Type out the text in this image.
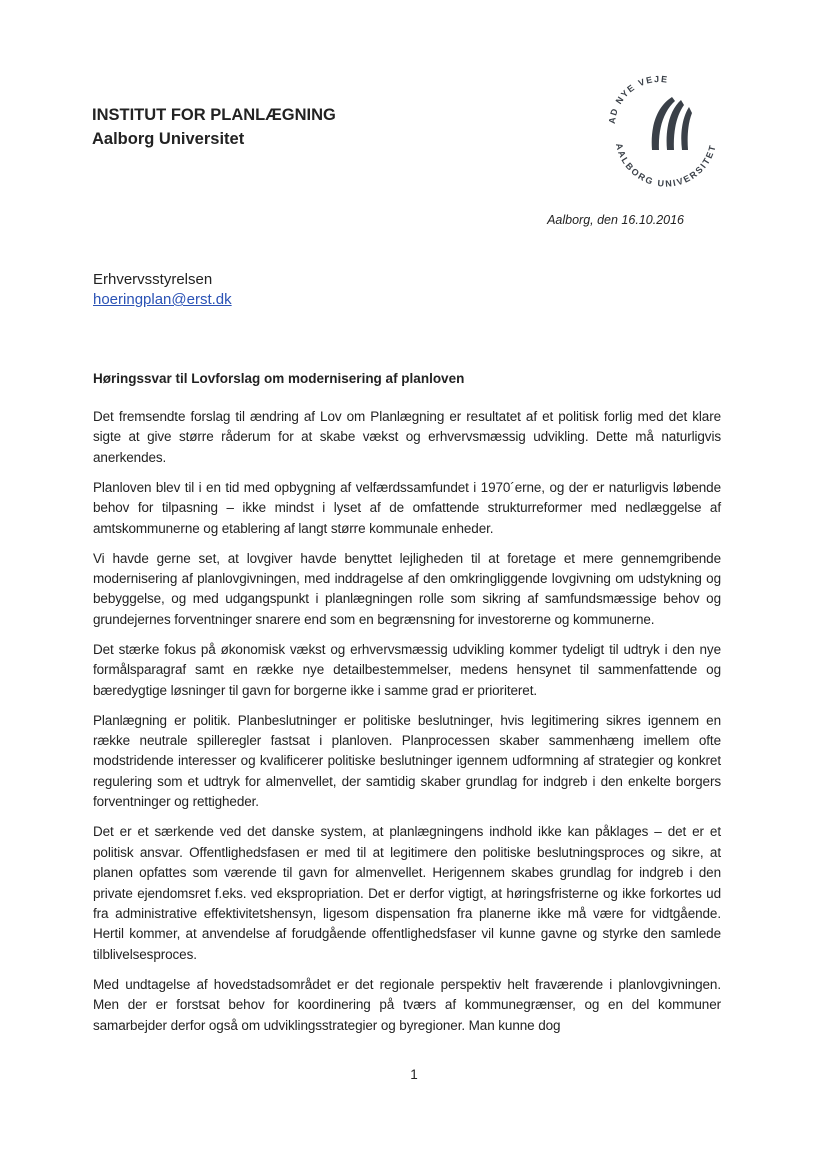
INSTITUT FOR PLANLÆGNING
Aalborg Universitet
AD NYE VEJE
AALBORG UNIVERSITET
Aalborg, den 16.10.2016
Erhvervsstyrelsen
hoeringplan@erst.dk
Høringssvar til Lovforslag om modernisering af planloven

Det fremsendte forslag til ændring af Lov om Planlægning er resultatet af et politisk forlig med det klare sigte at give større råderum for at skabe vækst og erhvervsmæssig udvikling. Dette må naturligvis anerkendes.

Planloven blev til i en tid med opbygning af velfærdssamfundet i 1970´erne, og der er naturligvis løbende behov for tilpasning – ikke mindst i lyset af de omfattende strukturreformer med nedlæggelse af amtskommunerne og etablering af langt større kommunale enheder.

Vi havde gerne set, at lovgiver havde benyttet lejligheden til at foretage et mere gennemgribende modernisering af planlovgivningen, med inddragelse af den omkringliggende lovgivning om udstykning og bebyggelse, og med udgangspunkt i planlægningen rolle som sikring af samfundsmæssige behov og grundejernes forventninger snarere end som en begrænsning for investorerne og kommunerne.

Det stærke fokus på økonomisk vækst og erhvervsmæssig udvikling kommer tydeligt til udtryk i den nye formålsparagraf samt en række nye detailbestemmelser, medens hensynet til sammenfattende og bæredygtige løsninger til gavn for borgerne ikke i samme grad er prioriteret.

Planlægning er politik. Planbeslutninger er politiske beslutninger, hvis legitimering sikres igennem en række neutrale spilleregler fastsat i planloven. Planprocessen skaber sammenhæng imellem ofte modstridende interesser og kvalificerer politiske beslutninger igennem udformning af strategier og konkret regulering som et udtryk for almenvellet, der samtidig skaber grundlag for indgreb i den enkelte borgers forventninger og rettigheder.

Det er et særkende ved det danske system, at planlægningens indhold ikke kan påklages – det er et politisk ansvar. Offentlighedsfasen er med til at legitimere den politiske beslutningsproces og sikre, at planen opfattes som værende til gavn for almenvellet. Herigennem skabes grundlag for indgreb i den private ejendomsret f.eks. ved ekspropriation. Det er derfor vigtigt, at høringsfristerne og ikke forkortes ud fra administrative effektivitetshensyn, ligesom dispensation fra planerne ikke må være for vidtgående. Hertil kommer, at anvendelse af forudgående offentlighedsfaser vil kunne gavne og styrke den samlede tilblivelsesproces.

Med undtagelse af hovedstadsområdet er det regionale perspektiv helt fraværende i planlovgivningen. Men der er forstsat behov for koordinering på tværs af kommunegrænser, og en del kommuner samarbejder derfor også om udviklingsstrategier og byregioner. Man kunne dog

1
